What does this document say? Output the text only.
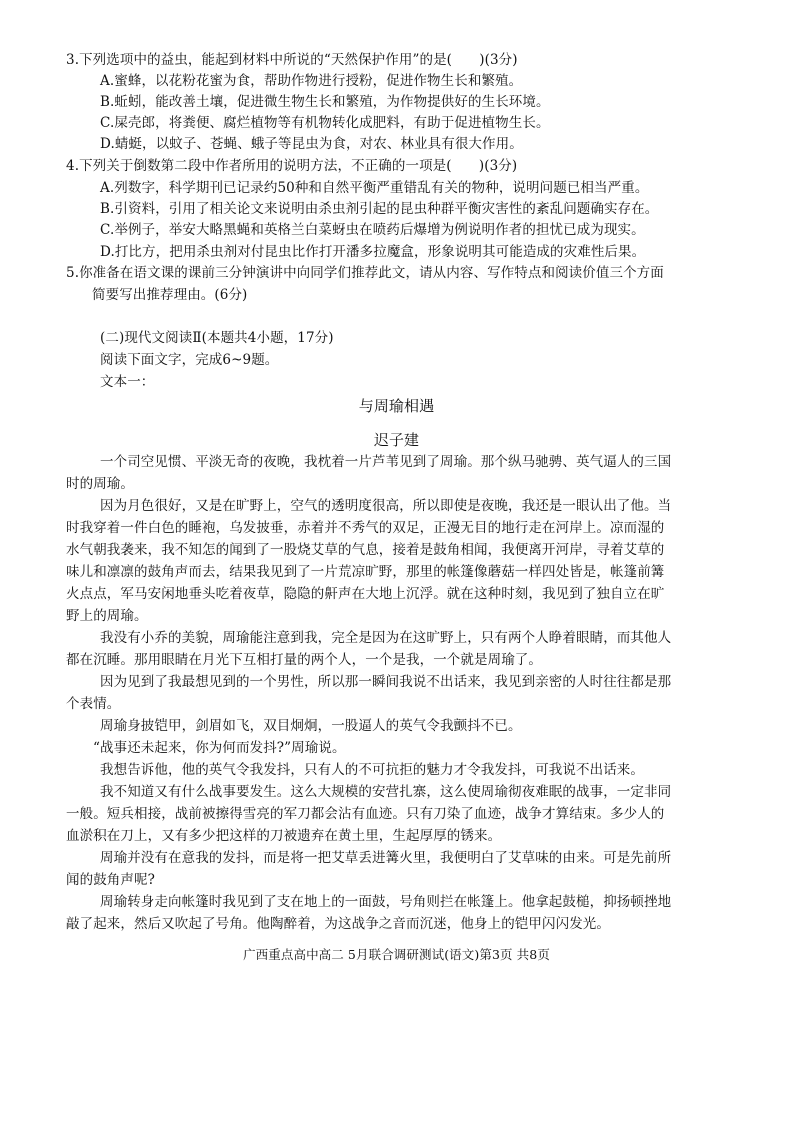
3.下列选项中的益虫，能起到材料中所说的“天然保护作用”的是(　　)(3分)
A.蜜蜂，以花粉花蜜为食，帮助作物进行授粉，促进作物生长和繁殖。
B.蚯蚓，能改善土壤，促进微生物生长和繁殖，为作物提供好的生长环境。
C.屎壳郎，将粪便、腐烂植物等有机物转化成肥料，有助于促进植物生长。
D.蜻蜓，以蚊子、苍蝇、蛾子等昆虫为食，对农、林业具有很大作用。
4.下列关于倒数第二段中作者所用的说明方法，不正确的一项是(　　)(3分)
A.列数字，科学期刊已记录约50种和自然平衡严重错乱有关的物种，说明问题已相当严重。
B.引资料，引用了相关论文来说明由杀虫剂引起的昆虫种群平衡灾害性的紊乱问题确实存在。
C.举例子，举安大略黑蝇和英格兰白菜蚜虫在喷药后爆增为例说明作者的担忧已成为现实。
D.打比方，把用杀虫剂对付昆虫比作打开潘多拉魔盒，形象说明其可能造成的灾难性后果。
5.你准备在语文课的课前三分钟演讲中向同学们推荐此文，请从内容、写作特点和阅读价值三个方面
简要写出推荐理由。(6分)
(二)现代文阅读Ⅱ(本题共4小题，17分)
阅读下面文字，完成6~9题。
文本一：
与周瑜相遇
迟子建
一个司空见惯、平淡无奇的夜晚，我枕着一片芦苇见到了周瑜。那个纵马驰骋、英气逼人的三国
时的周瑜。
因为月色很好，又是在旷野上，空气的透明度很高，所以即使是夜晚，我还是一眼认出了他。当
时我穿着一件白色的睡袍，乌发披垂，赤着并不秀气的双足，正漫无目的地行走在河岸上。凉而湿的
水气朝我袭来，我不知怎的闻到了一股烧艾草的气息，接着是鼓角相闻，我便离开河岸，寻着艾草的
味儿和凛凛的鼓角声而去，结果我见到了一片荒凉旷野，那里的帐篷像蘑菇一样四处皆是，帐篷前篝
火点点，军马安闲地垂头吃着夜草，隐隐的鼾声在大地上沉浮。就在这种时刻，我见到了独自立在旷
野上的周瑜。
我没有小乔的美貌，周瑜能注意到我，完全是因为在这旷野上，只有两个人睁着眼睛，而其他人
都在沉睡。那用眼睛在月光下互相打量的两个人，一个是我，一个就是周瑜了。
因为见到了我最想见到的一个男性，所以那一瞬间我说不出话来，我见到亲密的人时往往都是那
个表情。
周瑜身披铠甲，剑眉如飞，双目炯炯，一股逼人的英气令我颤抖不已。
“战事还未起来，你为何而发抖?”周瑜说。
我想告诉他，他的英气令我发抖，只有人的不可抗拒的魅力才令我发抖，可我说不出话来。
我不知道又有什么战事要发生。这么大规模的安营扎寨，这么使周瑜彻夜难眠的战事，一定非同
一般。短兵相接，战前被擦得雪亮的军刀都会沾有血迹。只有刀染了血迹，战争才算结束。多少人的
血淤积在刀上，又有多少把这样的刀被遗弃在黄土里，生起厚厚的锈来。
周瑜并没有在意我的发抖，而是将一把艾草丢进篝火里，我便明白了艾草味的由来。可是先前所
闻的鼓角声呢?
周瑜转身走向帐篷时我见到了支在地上的一面鼓，号角则拦在帐篷上。他拿起鼓槌，抑扬顿挫地
敲了起来，然后又吹起了号角。他陶醉着，为这战争之音而沉迷，他身上的铠甲闪闪发光。
广西重点高中高二 5月联合调研测试(语文)第3页 共8页
